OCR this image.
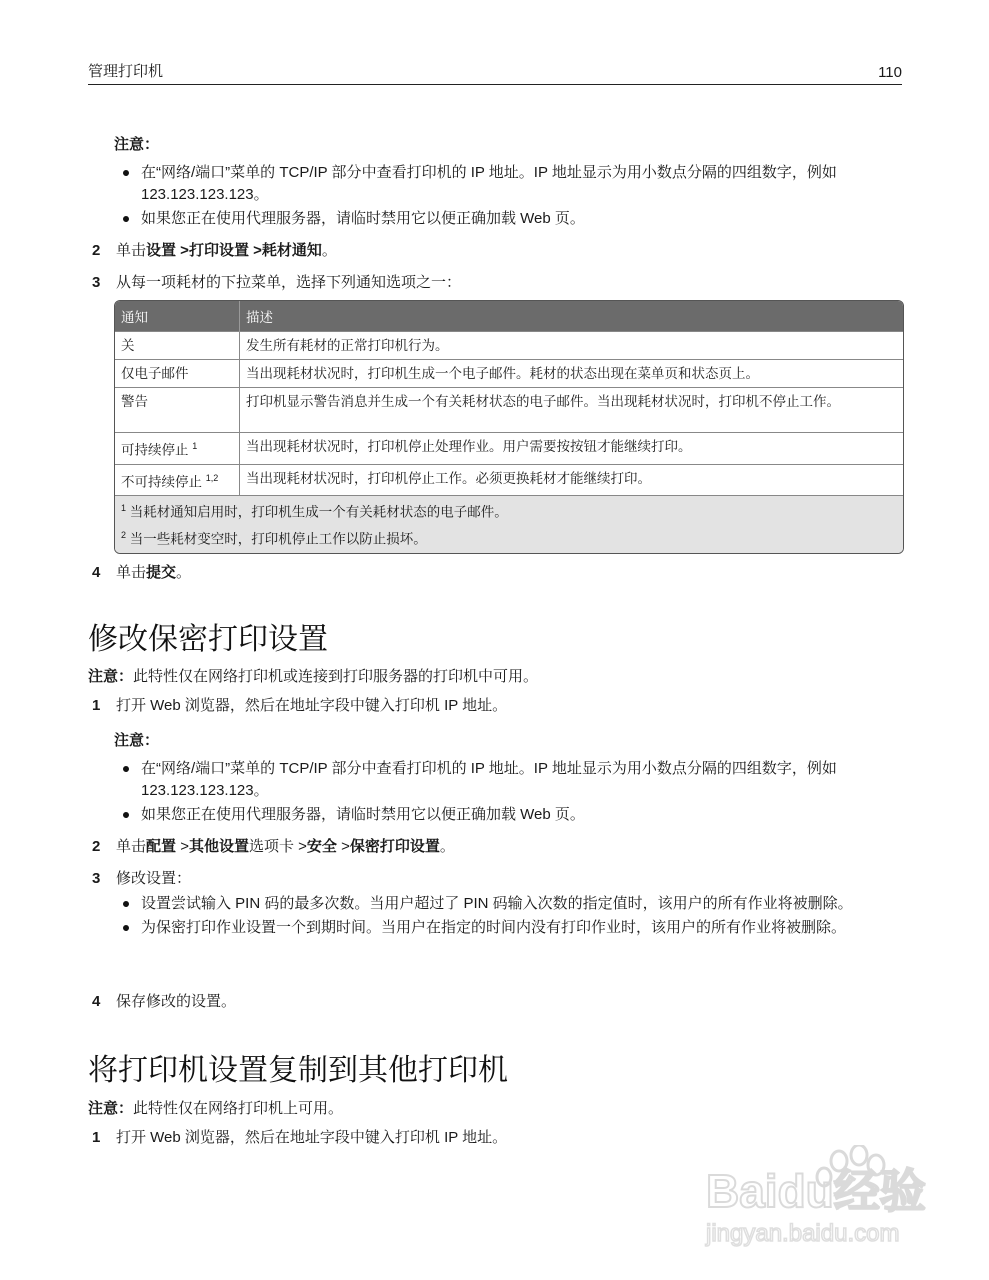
管理打印机	110
注意：
在“网络/端口”菜单的 TCP/IP 部分中查看打印机的 IP 地址。IP 地址显示为用小数点分隔的四组数字，例如 123.123.123.123。
如果您正在使用代理服务器，请临时禁用它以便正确加载 Web 页。
2 单击设置 >打印设置 >耗材通知。
3 从每一项耗材的下拉菜单，选择下列通知选项之一：
通知	描述
关	发生所有耗材的正常打印机行为。
仅电子邮件	当出现耗材状况时，打印机生成一个电子邮件。耗材的状态出现在菜单页和状态页上。
警告	打印机显示警告消息并生成一个有关耗材状态的电子邮件。当出现耗材状况时，打印机不停止工作。
可持续停止 $^1$	当出现耗材状况时，打印机停止处理作业。用户需要按按钮才能继续打印。
不可持续停止 $^{1,2}$	当出现耗材状况时，打印机停止工作。必须更换耗材才能继续打印。

$^1$ 当耗材通知启用时，打印机生成一个有关耗材状态的电子邮件。
$^2$ 当一些耗材变空时，打印机停止工作以防止损坏。	
4 单击提交。
修改保密打印设置
注意：此特性仅在网络打印机或连接到打印服务器的打印机中可用。
1 打开 Web 浏览器，然后在地址字段中键入打印机 IP 地址。
注意：
在“网络/端口”菜单的 TCP/IP 部分中查看打印机的 IP 地址。IP 地址显示为用小数点分隔的四组数字，例如 123.123.123.123。
如果您正在使用代理服务器，请临时禁用它以便正确加载 Web 页。
2 单击配置 >其他设置选项卡 >安全 >保密打印设置。
3 修改设置：
设置尝试输入 PIN 码的最多次数。当用户超过了 PIN 码输入次数的指定值时，该用户的所有作业将被删除。
为保密打印作业设置一个到期时间。当用户在指定的时间内没有打印作业时，该用户的所有作业将被删除。
4 保存修改的设置。
将打印机设置复制到其他打印机
注意：此特性仅在网络打印机上可用。
1 打开 Web 浏览器，然后在地址字段中键入打印机 IP 地址。
Baidu经验
jingyan.baidu.com
